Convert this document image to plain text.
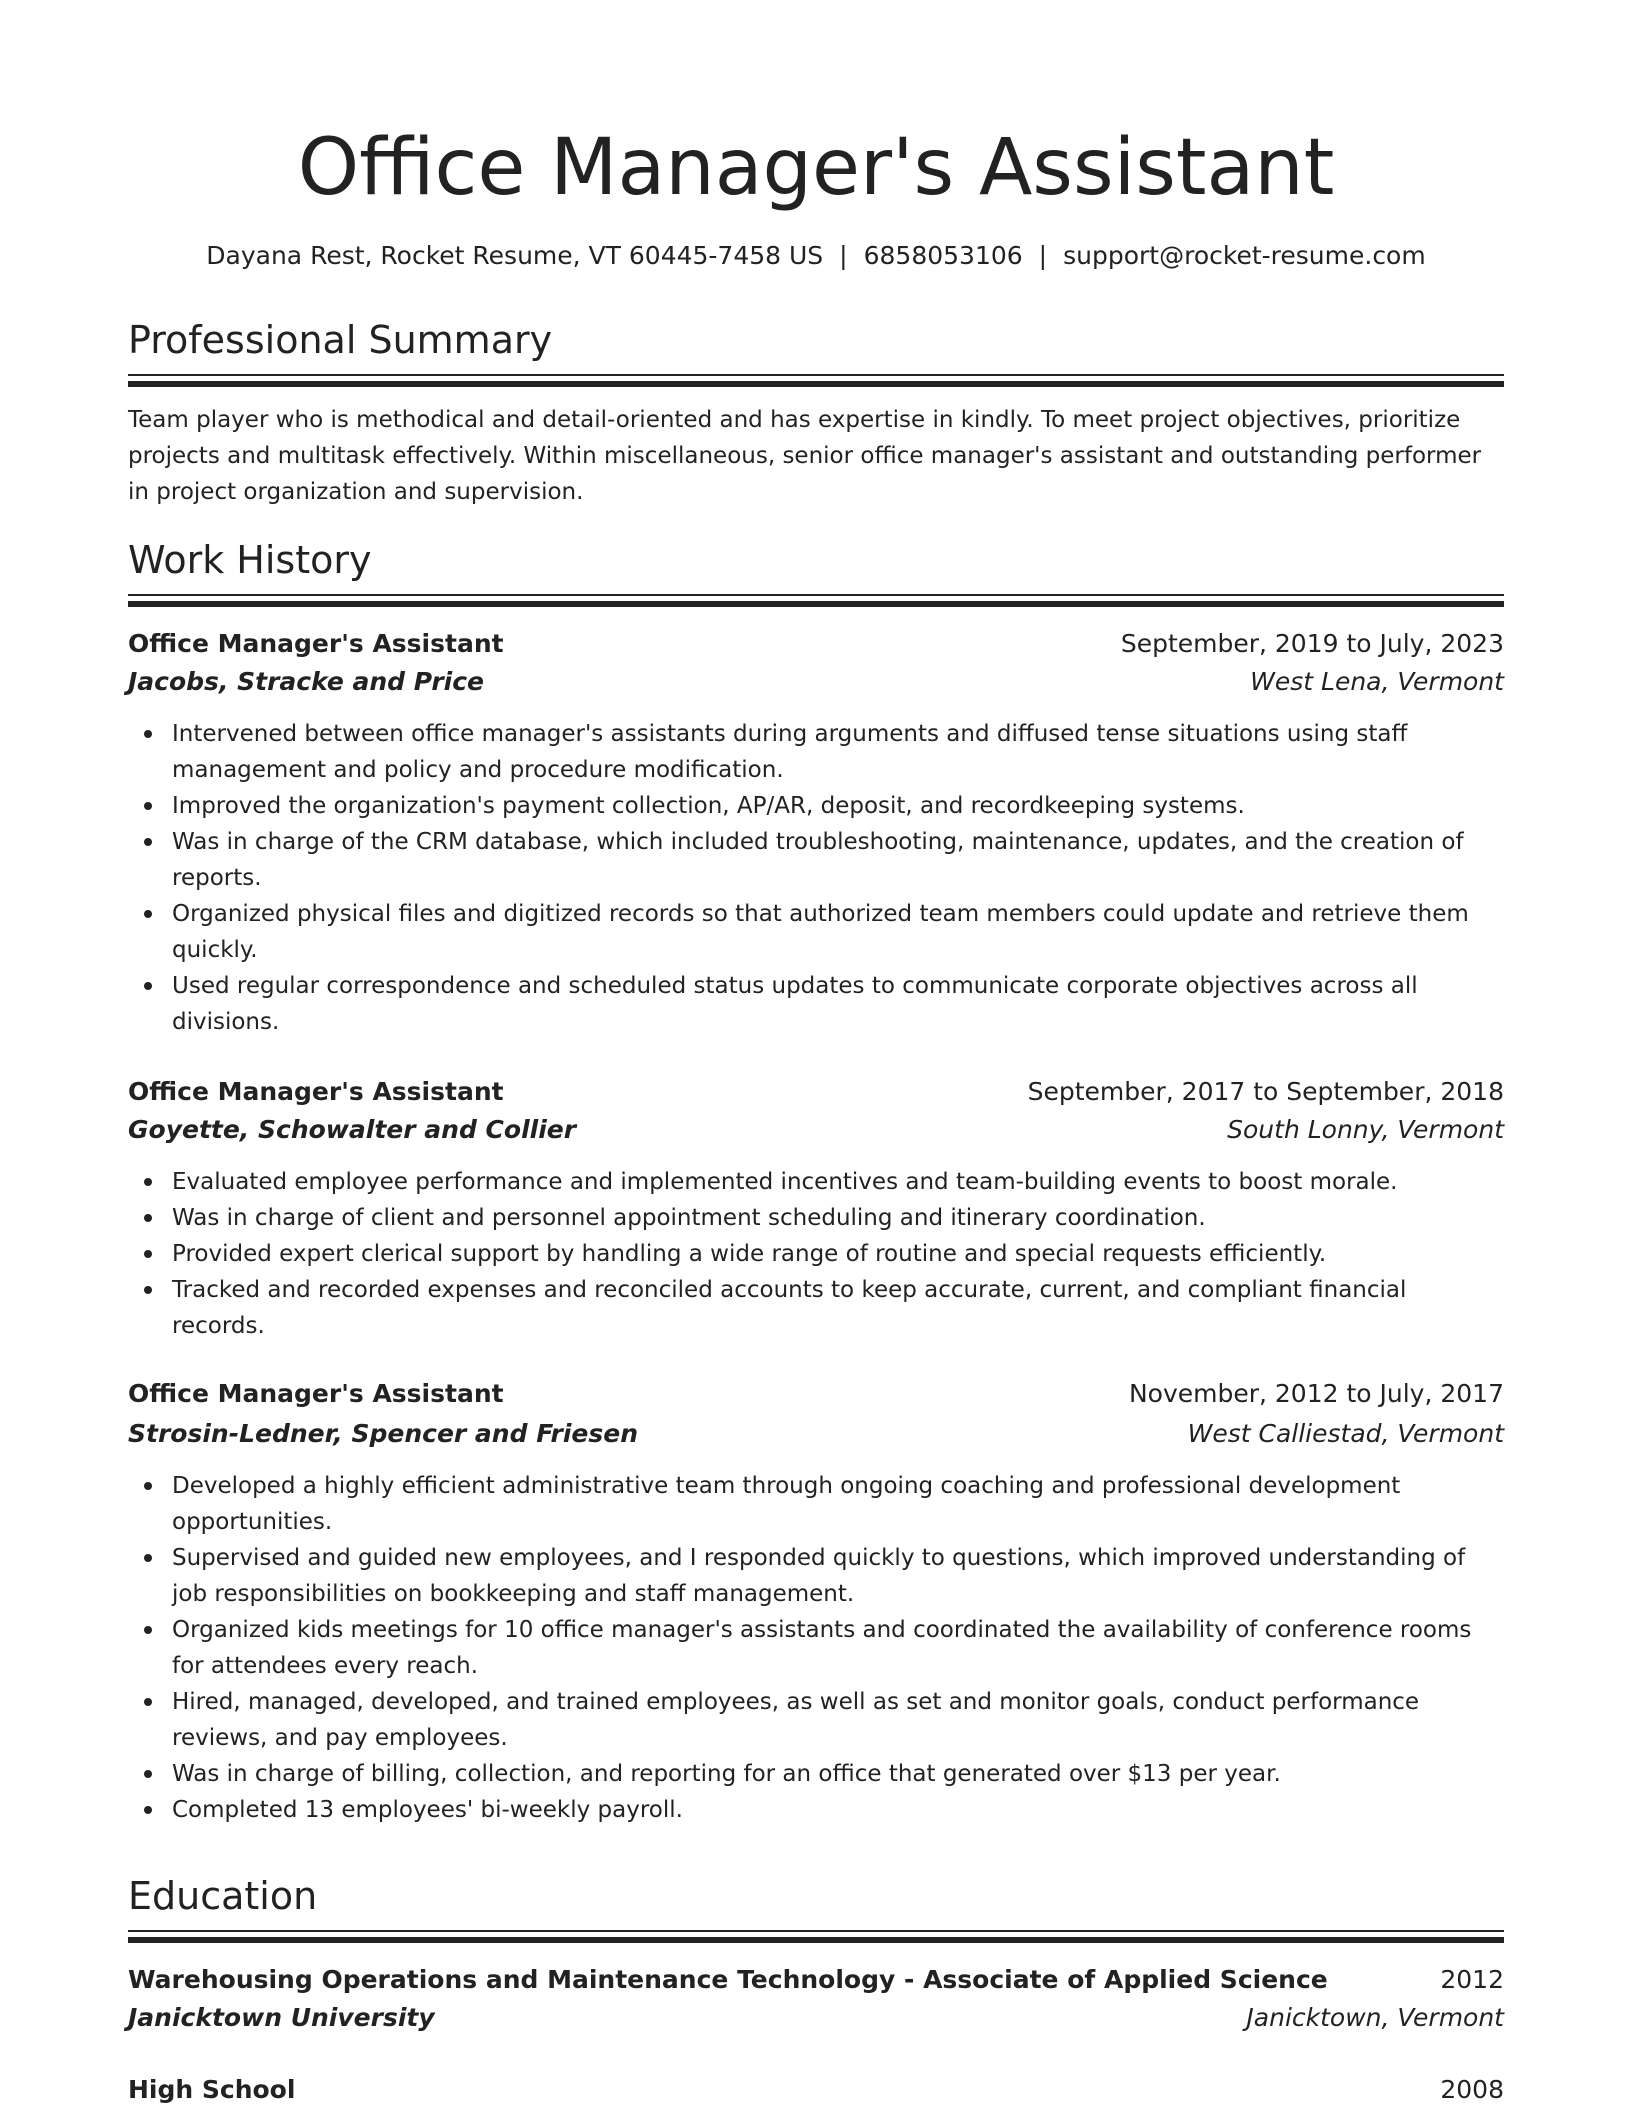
Office Manager's Assistant
Dayana Rest, Rocket Resume, VT 60445-7458 US | 6858053106 | support@rocket-resume.com
Professional Summary
Team player who is methodical and detail-oriented and has expertise in kindly. To meet project objectives, prioritize projects and multitask effectively. Within miscellaneous, senior office manager's assistant and outstanding performer in project organization and supervision.
Work History
Office Manager's Assistant	September, 2019 to July, 2023
Jacobs, Stracke and Price	West Lena, Vermont
Intervened between office manager's assistants during arguments and diffused tense situations using staff management and policy and procedure modification.
Improved the organization's payment collection, AP/AR, deposit, and recordkeeping systems.
Was in charge of the CRM database, which included troubleshooting, maintenance, updates, and the creation of reports.
Organized physical files and digitized records so that authorized team members could update and retrieve them quickly.
Used regular correspondence and scheduled status updates to communicate corporate objectives across all divisions.
Office Manager's Assistant	September, 2017 to September, 2018
Goyette, Schowalter and Collier	South Lonny, Vermont
Evaluated employee performance and implemented incentives and team-building events to boost morale.
Was in charge of client and personnel appointment scheduling and itinerary coordination.
Provided expert clerical support by handling a wide range of routine and special requests efficiently.
Tracked and recorded expenses and reconciled accounts to keep accurate, current, and compliant financial records.
Office Manager's Assistant	November, 2012 to July, 2017
Strosin-Ledner, Spencer and Friesen	West Calliestad, Vermont
Developed a highly efficient administrative team through ongoing coaching and professional development opportunities.
Supervised and guided new employees, and I responded quickly to questions, which improved understanding of job responsibilities on bookkeeping and staff management.
Organized kids meetings for 10 office manager's assistants and coordinated the availability of conference rooms for attendees every reach.
Hired, managed, developed, and trained employees, as well as set and monitor goals, conduct performance reviews, and pay employees.
Was in charge of billing, collection, and reporting for an office that generated over $13 per year.
Completed 13 employees' bi-weekly payroll.
Education
Warehousing Operations and Maintenance Technology - Associate of Applied Science	2012
Janicktown University	Janicktown, Vermont
High School	2008
